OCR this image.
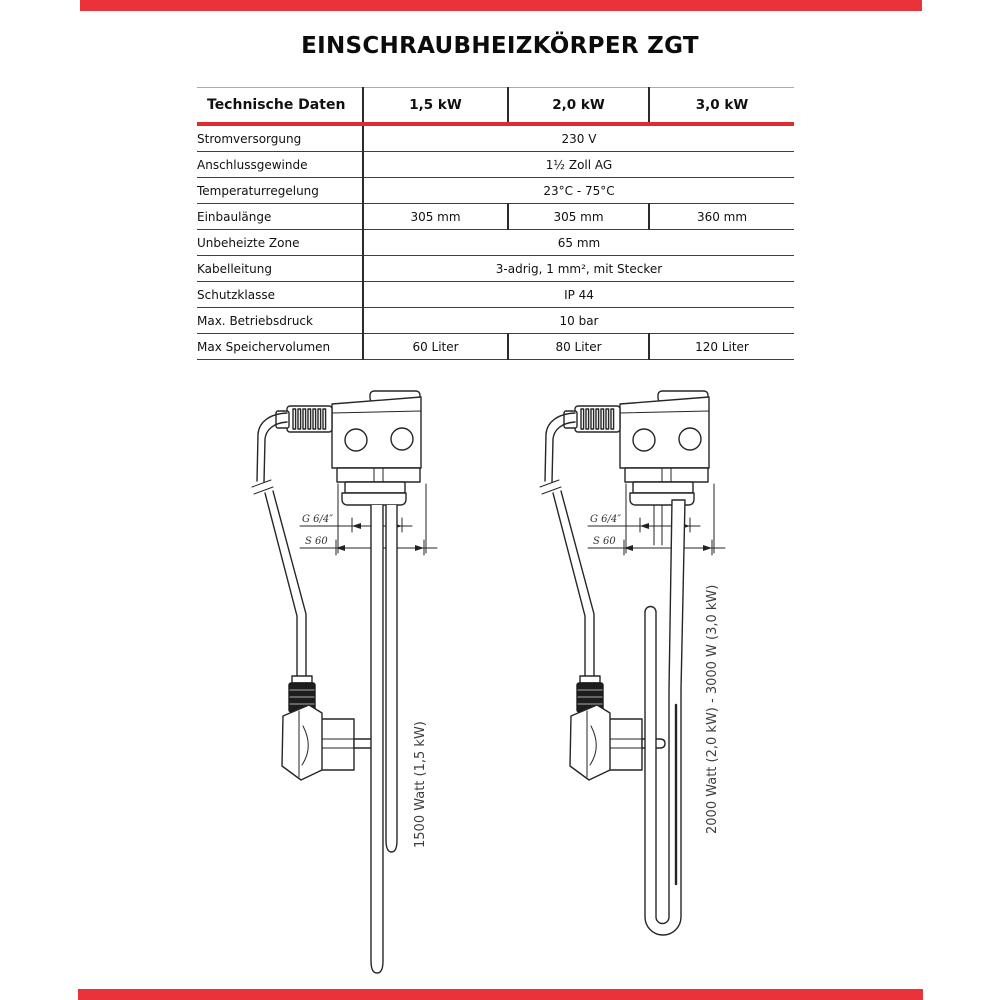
EINSCHRAUBHEIZKÖRPER ZGT
Technische Daten	1,5 kW	2,0 kW	3,0 kW
Stromversorgung	230 V		
Anschlussgewinde	1½ Zoll AG		
Temperaturregelung	23°C - 75°C		
Einbaulänge	305 mm	305 mm	360 mm
Unbeheizte Zone	65 mm		
Kabelleitung	3-adrig, 1 mm², mit Stecker		
Schutzklasse	IP 44		
Max. Betriebsdruck	10 bar		
Max Speichervolumen	60 Liter	80 Liter	120 Liter
1500 Watt (1,5 kW)	2000 Watt (2,0 kW) - 3000 W (3,0 kW)
